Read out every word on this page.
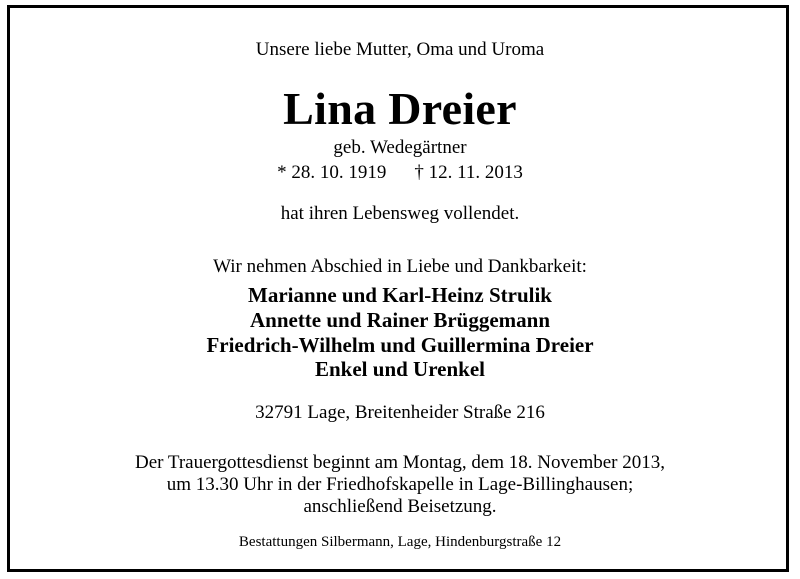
Unsere liebe Mutter, Oma und Uroma
Lina Dreier
geb. Wedegärtner
* 28. 10. 1919 † 12. 11. 2013
hat ihren Lebensweg vollendet.
Wir nehmen Abschied in Liebe und Dankbarkeit:
Marianne und Karl-Heinz Strulik
Annette und Rainer Brüggemann
Friedrich-Wilhelm und Guillermina Dreier
Enkel und Urenkel
32791 Lage, Breitenheider Straße 216
Der Trauergottesdienst beginnt am Montag, dem 18. November 2013,
um 13.30 Uhr in der Friedhofskapelle in Lage-Billinghausen;
anschließend Beisetzung.
Bestattungen Silbermann, Lage, Hindenburgstraße 12
